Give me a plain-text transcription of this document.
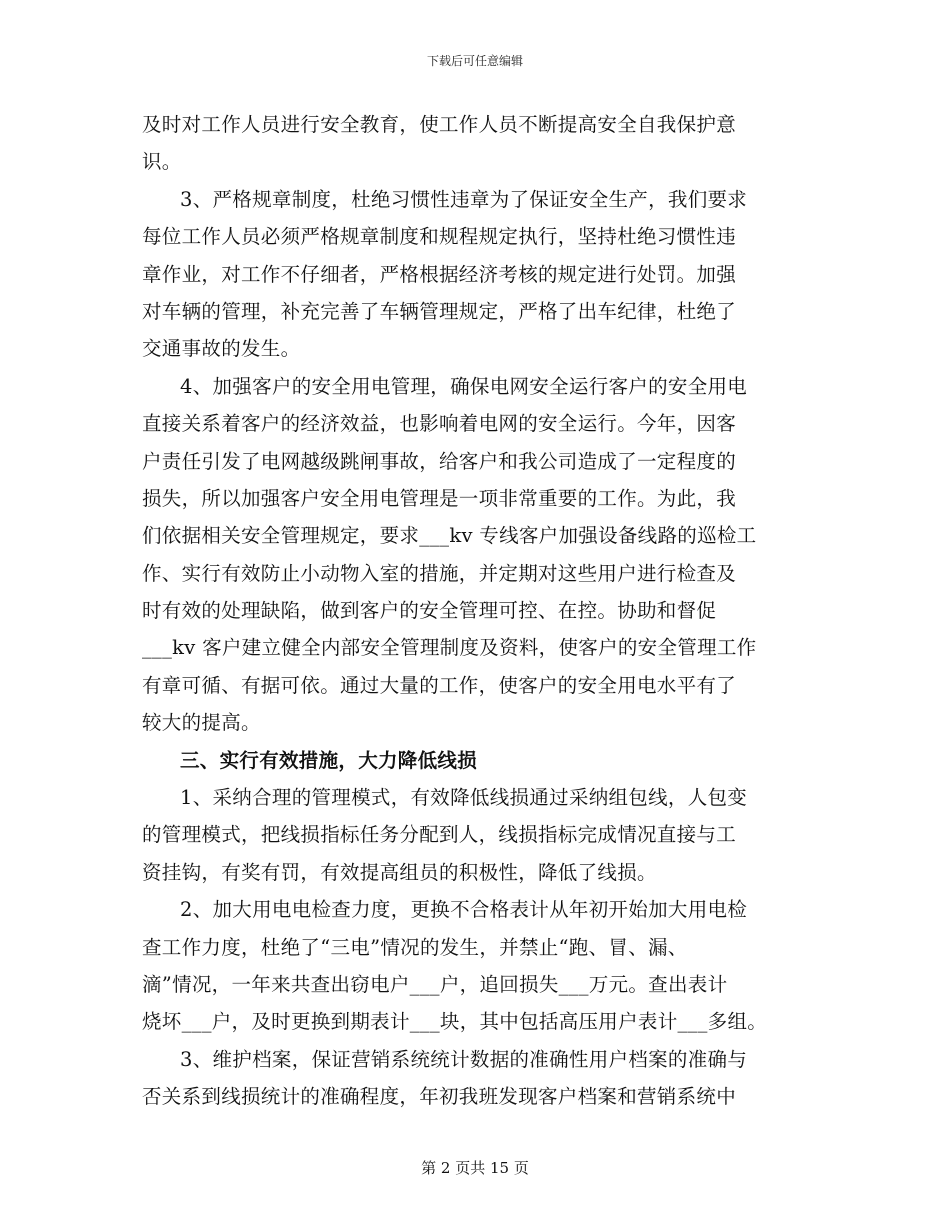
下载后可任意编辑
及时对工作人员进行安全教育，使工作人员不断提高安全自我保护意
识。
3、严格规章制度，杜绝习惯性违章为了保证安全生产，我们要求
每位工作人员必须严格规章制度和规程规定执行，坚持杜绝习惯性违
章作业，对工作不仔细者，严格根据经济考核的规定进行处罚。加强
对车辆的管理，补充完善了车辆管理规定，严格了出车纪律，杜绝了
交通事故的发生。
4、加强客户的安全用电管理，确保电网安全运行客户的安全用电
直接关系着客户的经济效益，也影响着电网的安全运行。今年，因客
户责任引发了电网越级跳闸事故，给客户和我公司造成了一定程度的
损失，所以加强客户安全用电管理是一项非常重要的工作。为此，我
们依据相关安全管理规定，要求___kv 专线客户加强设备线路的巡检工
作、实行有效防止小动物入室的措施，并定期对这些用户进行检查及
时有效的处理缺陷，做到客户的安全管理可控、在控。协助和督促
___kv 客户建立健全内部安全管理制度及资料，使客户的安全管理工作
有章可循、有据可依。通过大量的工作，使客户的安全用电水平有了
较大的提高。
三、实行有效措施，大力降低线损
1、采纳合理的管理模式，有效降低线损通过采纳组包线，人包变
的管理模式，把线损指标任务分配到人，线损指标完成情况直接与工
资挂钩，有奖有罚，有效提高组员的积极性，降低了线损。
2、加大用电电检查力度，更换不合格表计从年初开始加大用电检
查工作力度，杜绝了“三电”情况的发生，并禁止“跑、冒、漏、
滴”情况，一年来共查出窃电户___户，追回损失___万元。查出表计
烧坏___户，及时更换到期表计___块，其中包括高压用户表计___多组。
3、维护档案，保证营销系统统计数据的准确性用户档案的准确与
否关系到线损统计的准确程度，年初我班发现客户档案和营销系统中
第 2 页共 15 页
